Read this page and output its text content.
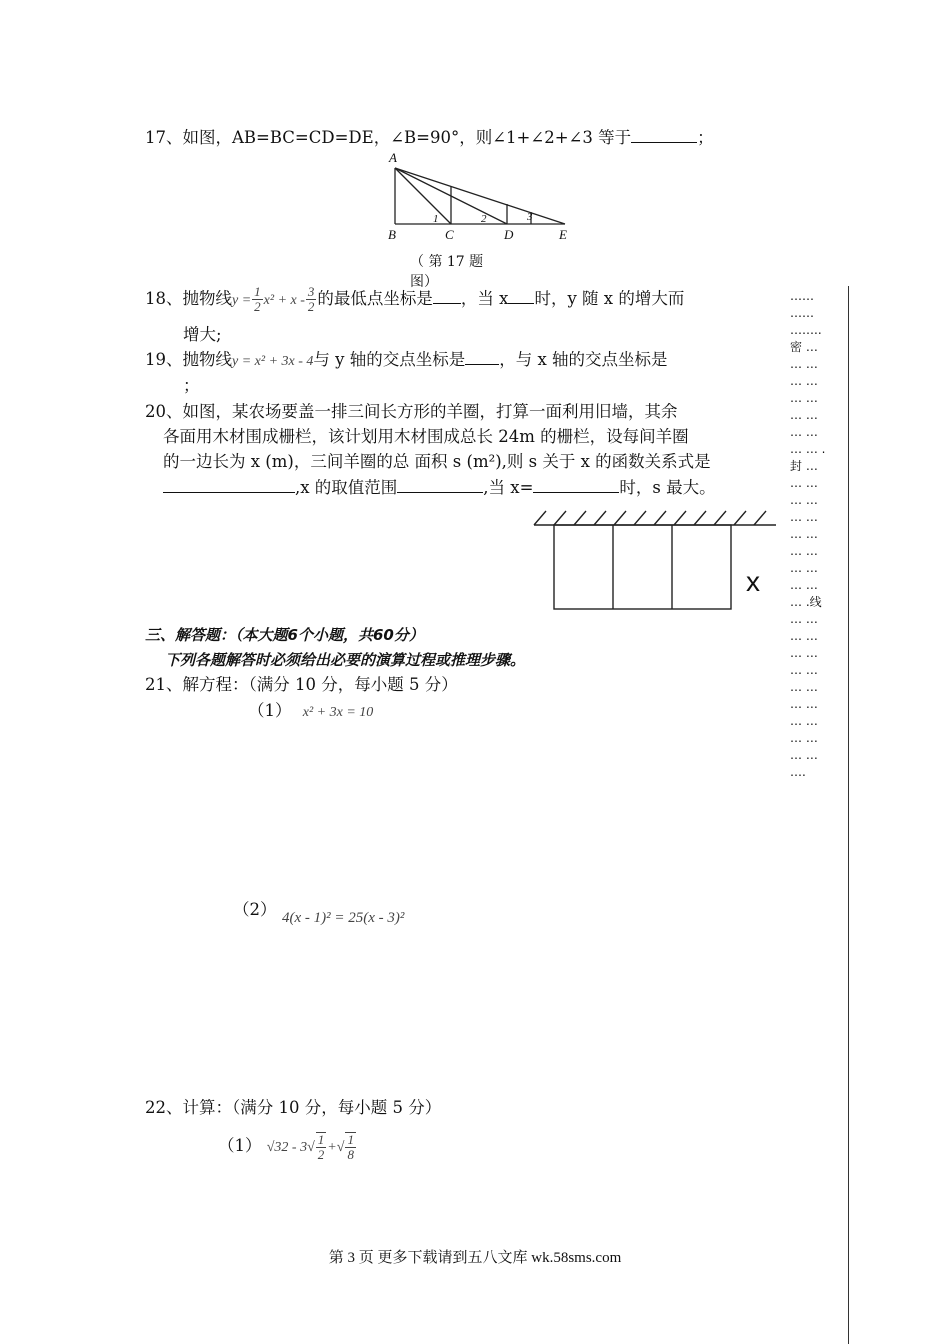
17、如图，AB=BC=CD=DE，∠B=90°，则∠1+∠2+∠3 等于	；
A
B	C	D	E
1	2	3
（ 第 17 题
图）
18、抛物线$y = \frac{1}{2} x^2 + x - \frac{3}{2}$ 的最低点坐标是 ，当 x 时，y 随 x 的增大而
增大;
19、抛物线y = x² + 3x - 4与 y 轴的交点坐标是 ，与 x 轴的交点坐标是
；
20、如图，某农场要盖一排三间长方形的羊圈，打算一面利用旧墙，其余
各面用木材围成栅栏，该计划用木材围成总长 24m 的栅栏，设每间羊圈
的一边长为 x (m)，三间羊圈的总 面积 s (m²),则 s 关于 x 的函数关系式是
,x 的取值范围	,当 x=	时，s 最大。
x
三、解答题：（本大题6个小题，共60分）
下列各题解答时必须给出必要的演算过程或推理步骤。
21、解方程：（满分 10 分，每小题 5 分）
（1） x² + 3x = 10
（2） 4(x - 1)² = 25(x - 3)²
22、计算：（满分 10 分，每小题 5 分）
（1） $√32 - 3√ \frac{1}{2}$ +√ $\frac{1}{8}$
……
……
……..
密 …
… …
… …
… …
… …
… …
… … .
封 …
… …
… …
… …
… …
… …
… …
… …
… .线
… …
… …
… …
… …
… …
… …
… …
… …
… …
….
第 3 页 更多下载请到五八文库 wk.58sms.com
